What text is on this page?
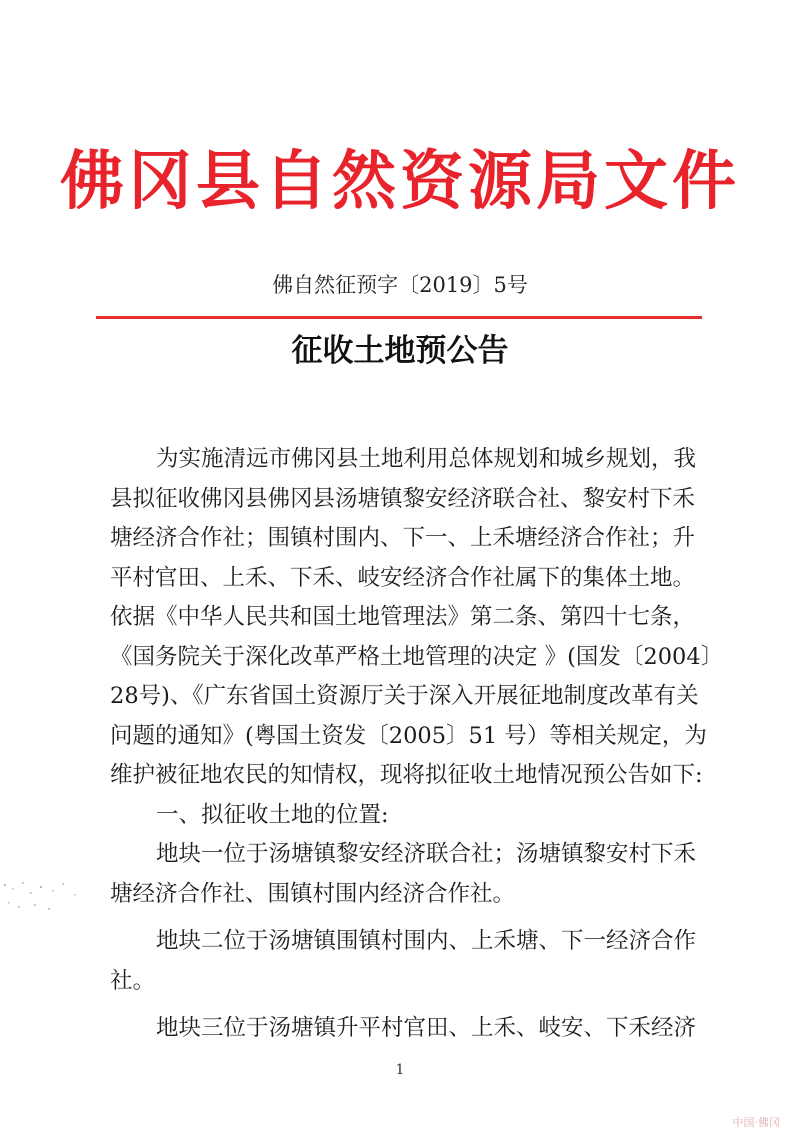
佛冈县自然资源局文件
佛自然征预字〔2019〕5号
征收土地预公告
为实施清远市佛冈县土地利用总体规划和城乡规划，我
县拟征收佛冈县佛冈县汤塘镇黎安经济联合社、黎安村下禾
塘经济合作社；围镇村围内、下一、上禾塘经济合作社；升
平村官田、上禾、下禾、岐安经济合作社属下的集体土地。
依据《中华人民共和国土地管理法》第二条、第四十七条，
《国务院关于深化改革严格土地管理的决定 》(国发〔2004〕
28号)、《广东省国土资源厅关于深入开展征地制度改革有关
问题的通知》(粤国土资发〔2005〕51 号）等相关规定，为
维护被征地农民的知情权，现将拟征收土地情况预公告如下:
一、拟征收土地的位置:
地块一位于汤塘镇黎安经济联合社；汤塘镇黎安村下禾
塘经济合作社、围镇村围内经济合作社。
地块二位于汤塘镇围镇村围内、上禾塘、下一经济合作
社。
地块三位于汤塘镇升平村官田、上禾、岐安、下禾经济
1
中国·佛冈
